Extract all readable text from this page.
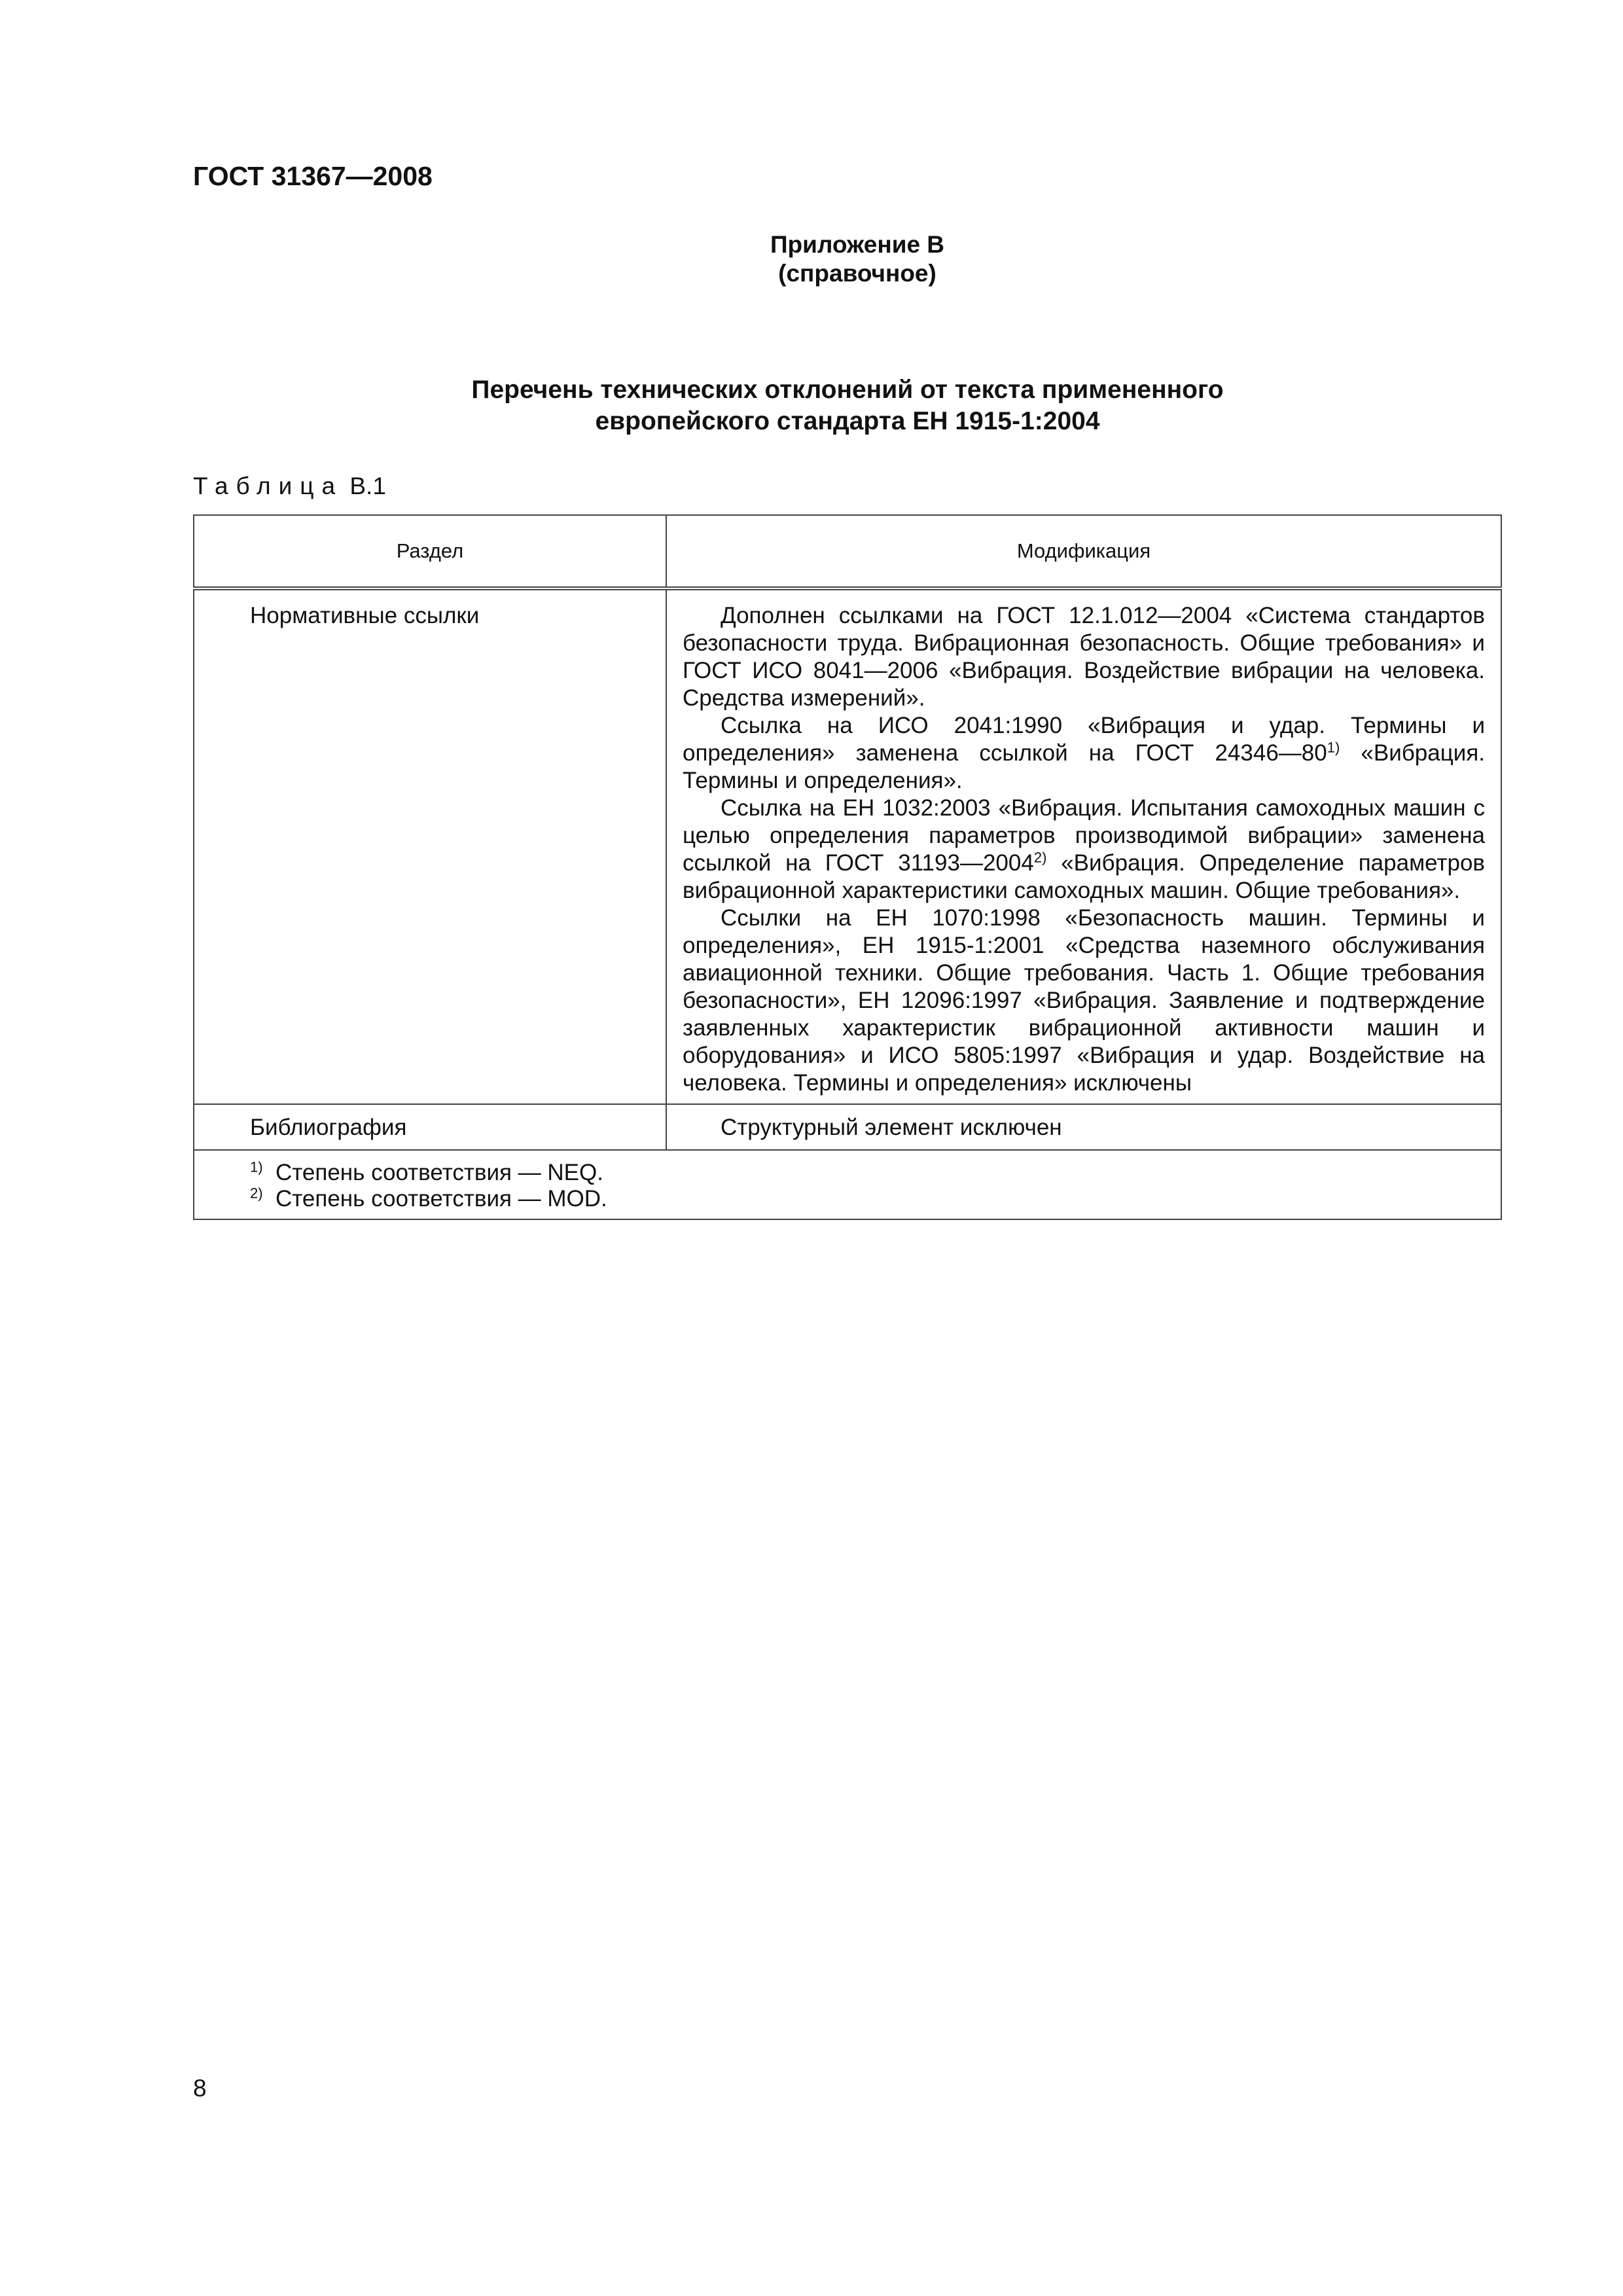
ГОСТ 31367—2008
Приложение В
(справочное)
Перечень технических отклонений от текста примененного
европейского стандарта ЕН 1915-1:2004
Таблица В.1
Раздел	Модификация
Нормативные ссылки	Дополнен ссылками на ГОСТ 12.1.012—2004 «Система стандартов безопасности труда. Вибрационная безопасность. Общие требования» и ГОСТ ИСО 8041—2006 «Вибрация. Воздействие вибрации на человека. Средства измерений».

Ссылка на ИСО 2041:1990 «Вибрация и удар. Термины и определения» заменена ссылкой на ГОСТ 24346—80$^{1)}$ «Вибрация. Термины и определения».

Ссылка на ЕН 1032:2003 «Вибрация. Испытания самоходных машин с целью определения параметров производимой вибрации» заменена ссылкой на ГОСТ 31193—2004$^{2)}$ «Вибрация. Определение параметров вибрационной характеристики самоходных машин. Общие требования».

Ссылки на ЕН 1070:1998 «Безопасность машин. Термины и определения», ЕН 1915-1:2001 «Средства наземного обслуживания авиационной техники. Общие требования. Часть 1. Общие требования безопасности», ЕН 12096:1997 «Вибрация. Заявление и подтверждение заявленных характеристик вибрационной активности машин и оборудования» и ИСО 5805:1997 «Вибрация и удар. Воздействие на человека. Термины и определения» исключены

Библиография	Структурный элемент исключен

$^{1)}$ Степень соответствия — NEQ.
$^{2)}$ Степень соответствия — MOD.	
8
